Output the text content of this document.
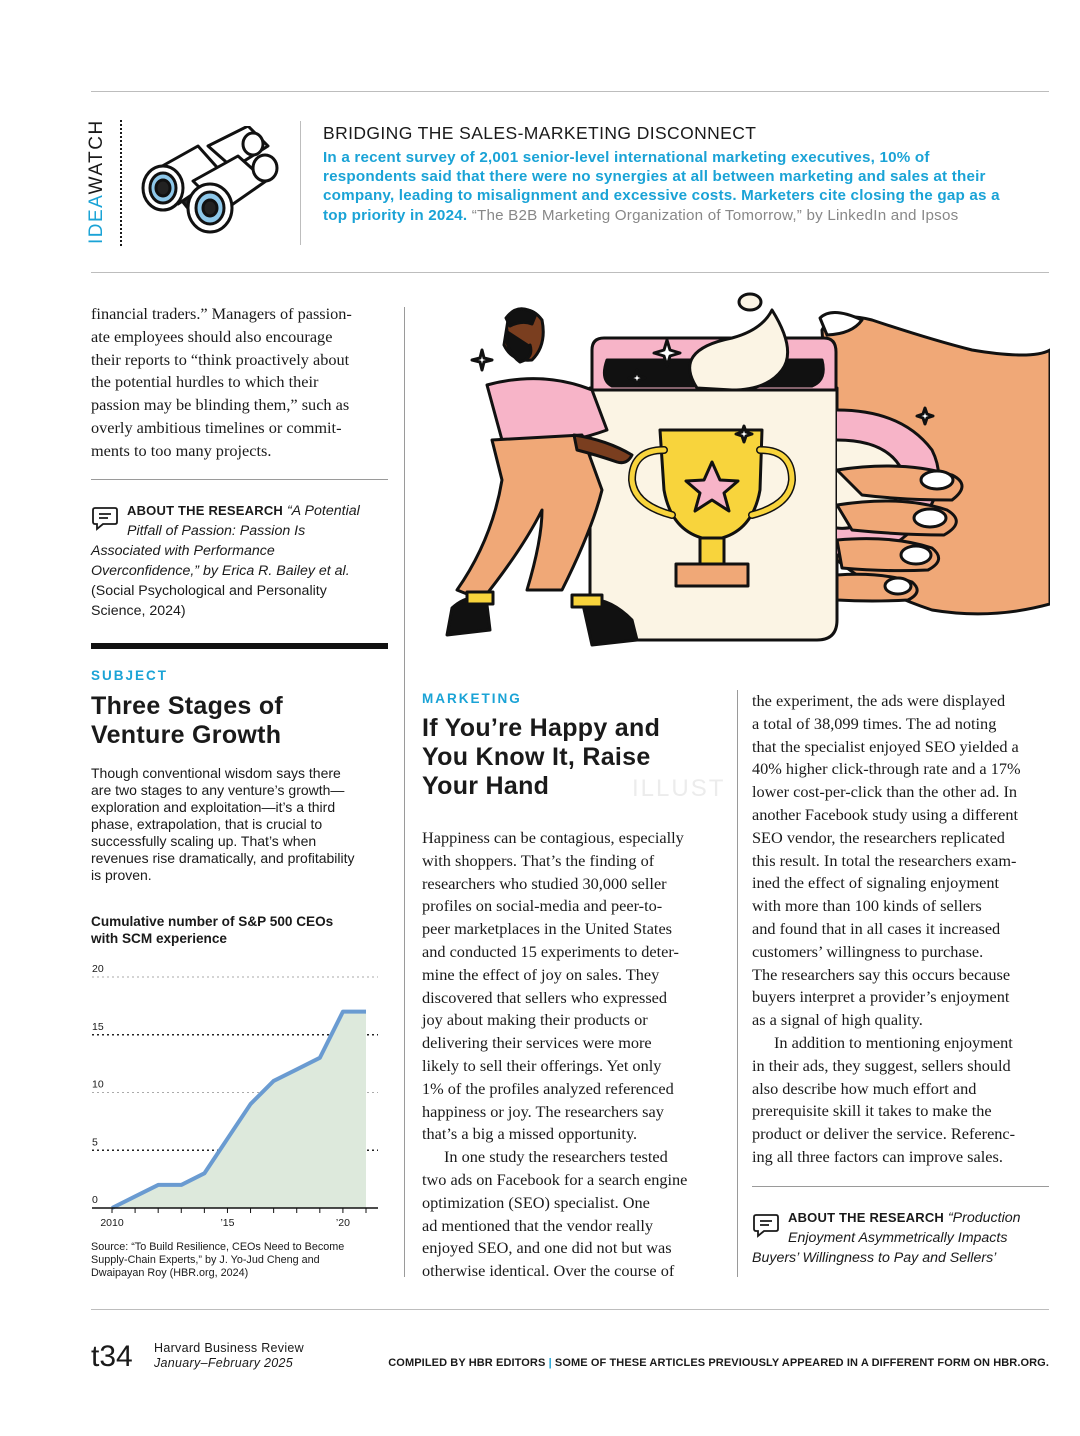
IDEAWATCH	BRIDGING THE SALES-MARKETING DISCONNECT
In a recent survey of 2,001 senior-level international marketing executives, 10% of respondents said that there were no synergies at all between marketing and sales at their company, leading to misalignment and excessive costs. Marketers cite closing the gap as a top priority in 2024. “The B2B Marketing Organization of Tomorrow,” by LinkedIn and Ipsos
financial traders.” Managers of passion-
ate employees should also encourage
their reports to “think proactively about
the potential hurdles to which their
passion may be blinding them,” such as
overly ambitious timelines or commit-
ments to too many projects.
ABOUT THE RESEARCH “A Potential
Pitfall of Passion: Passion Is
Associated with Performance
Overconfidence,” by Erica R. Bailey et al.
(Social Psychological and Personality
Science, 2024)
SUBJECT
Three Stages of
Venture Growth
Though conventional wisdom says there
are two stages to any venture’s growth—
exploration and exploitation—it’s a third
phase, extrapolation, that is crucial to
successfully scaling up. That’s when
revenues rise dramatically, and profitability
is proven.
Cumulative number of S&P 500 CEOs
with SCM experience
0
5
10
15
20
2010	’15	’20
Source: “To Build Resilience, CEOs Need to Become
Supply-Chain Experts,” by J. Yo-Jud Cheng and
Dwaipayan Roy (HBR.org, 2024)
MARKETING
If You’re Happy and
You Know It, Raise
Your Hand	ILLUST
Happiness can be contagious, especially
with shoppers. That’s the finding of
researchers who studied 30,000 seller
profiles on social-media and peer-to-
peer marketplaces in the United States
and conducted 15 experiments to deter-
mine the effect of joy on sales. They
discovered that sellers who expressed
joy about making their products or
delivering their services were more
likely to sell their offerings. Yet only
1% of the profiles analyzed referenced
happiness or joy. The researchers say
that’s a big a missed opportunity.
In one study the researchers tested
two ads on Facebook for a search engine
optimization (SEO) specialist. One
ad mentioned that the vendor really
enjoyed SEO, and one did not but was
otherwise identical. Over the course of
the experiment, the ads were displayed
a total of 38,099 times. The ad noting
that the specialist enjoyed SEO yielded a
40% higher click-through rate and a 17%
lower cost-per-click than the other ad. In
another Facebook study using a different
SEO vendor, the researchers replicated
this result. In total the researchers exam-
ined the effect of signaling enjoyment
with more than 100 kinds of sellers
and found that in all cases it increased
customers’ willingness to purchase.
The researchers say this occurs because
buyers interpret a provider’s enjoyment
as a signal of high quality.
In addition to mentioning enjoyment
in their ads, they suggest, sellers should
also describe how much effort and
prerequisite skill it takes to make the
product or deliver the service. Referenc-
ing all three factors can improve sales.
ABOUT THE RESEARCH “Production
Enjoyment Asymmetrically Impacts
Buyers’ Willingness to Pay and Sellers’
t34 Harvard Business Review
January–February 2025	COMPILED BY HBR EDITORS | SOME OF THESE ARTICLES PREVIOUSLY APPEARED IN A DIFFERENT FORM ON HBR.ORG.
